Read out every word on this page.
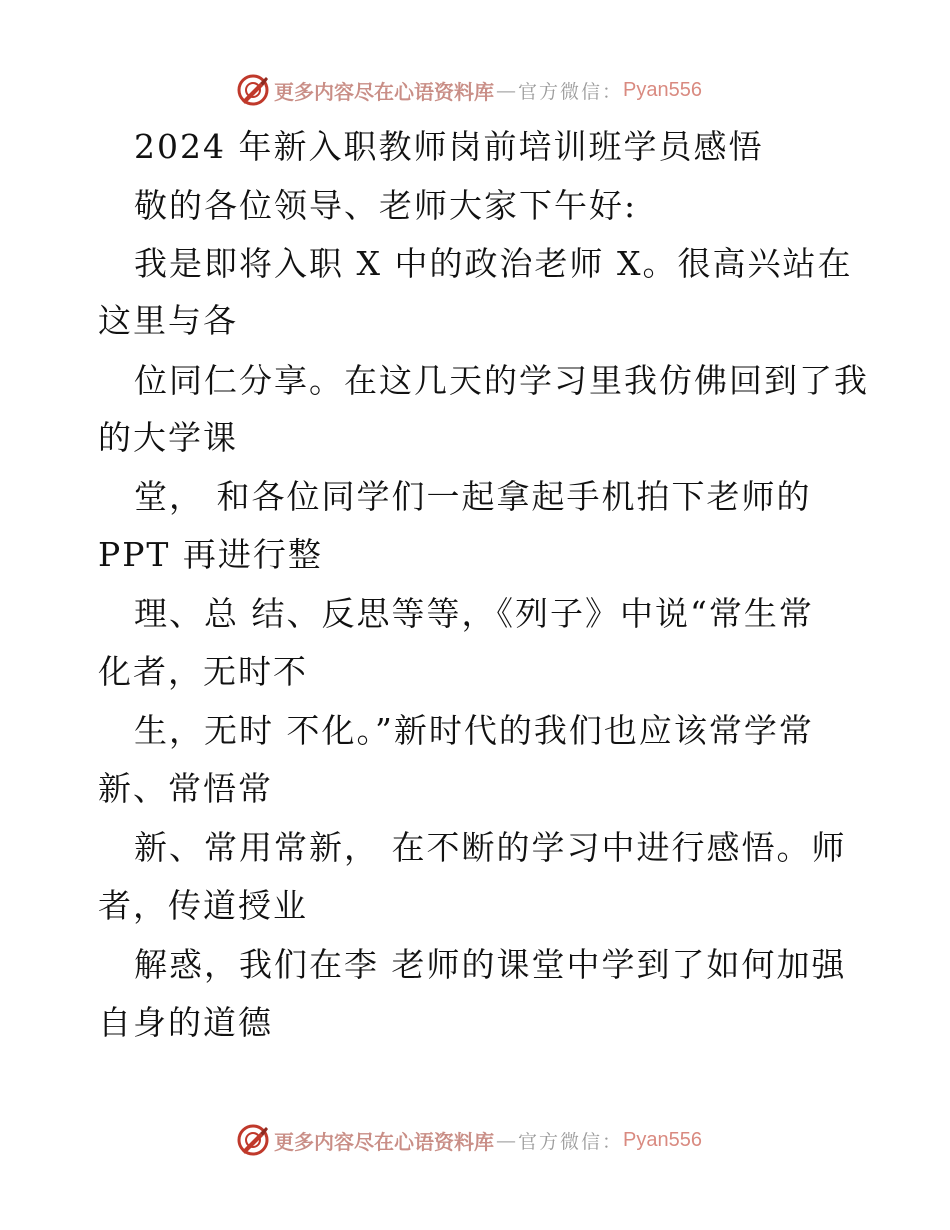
更多内容尽在心语资料库 — 官方微信： Pyan556
2024 年新入职教师岗前培训班学员感悟
敬的各位领导、老师大家下午好:
我是即将入职 X 中的政治老师 X。很高兴站在
这里与各
位同仁分享。在这几天的学习里我仿佛回到了我
的大学课
堂， 和各位同学们一起拿起手机拍下老师的
PPT 再进行整
理、总 结、反思等等，《列子》中说“常生常
化者，无时不
生，无时 不化。”新时代的我们也应该常学常
新、常悟常
新、常用常新， 在不断的学习中进行感悟。师
者，传道授业
解惑，我们在李 老师的课堂中学到了如何加强
自身的道德
更多内容尽在心语资料库 — 官方微信： Pyan556
